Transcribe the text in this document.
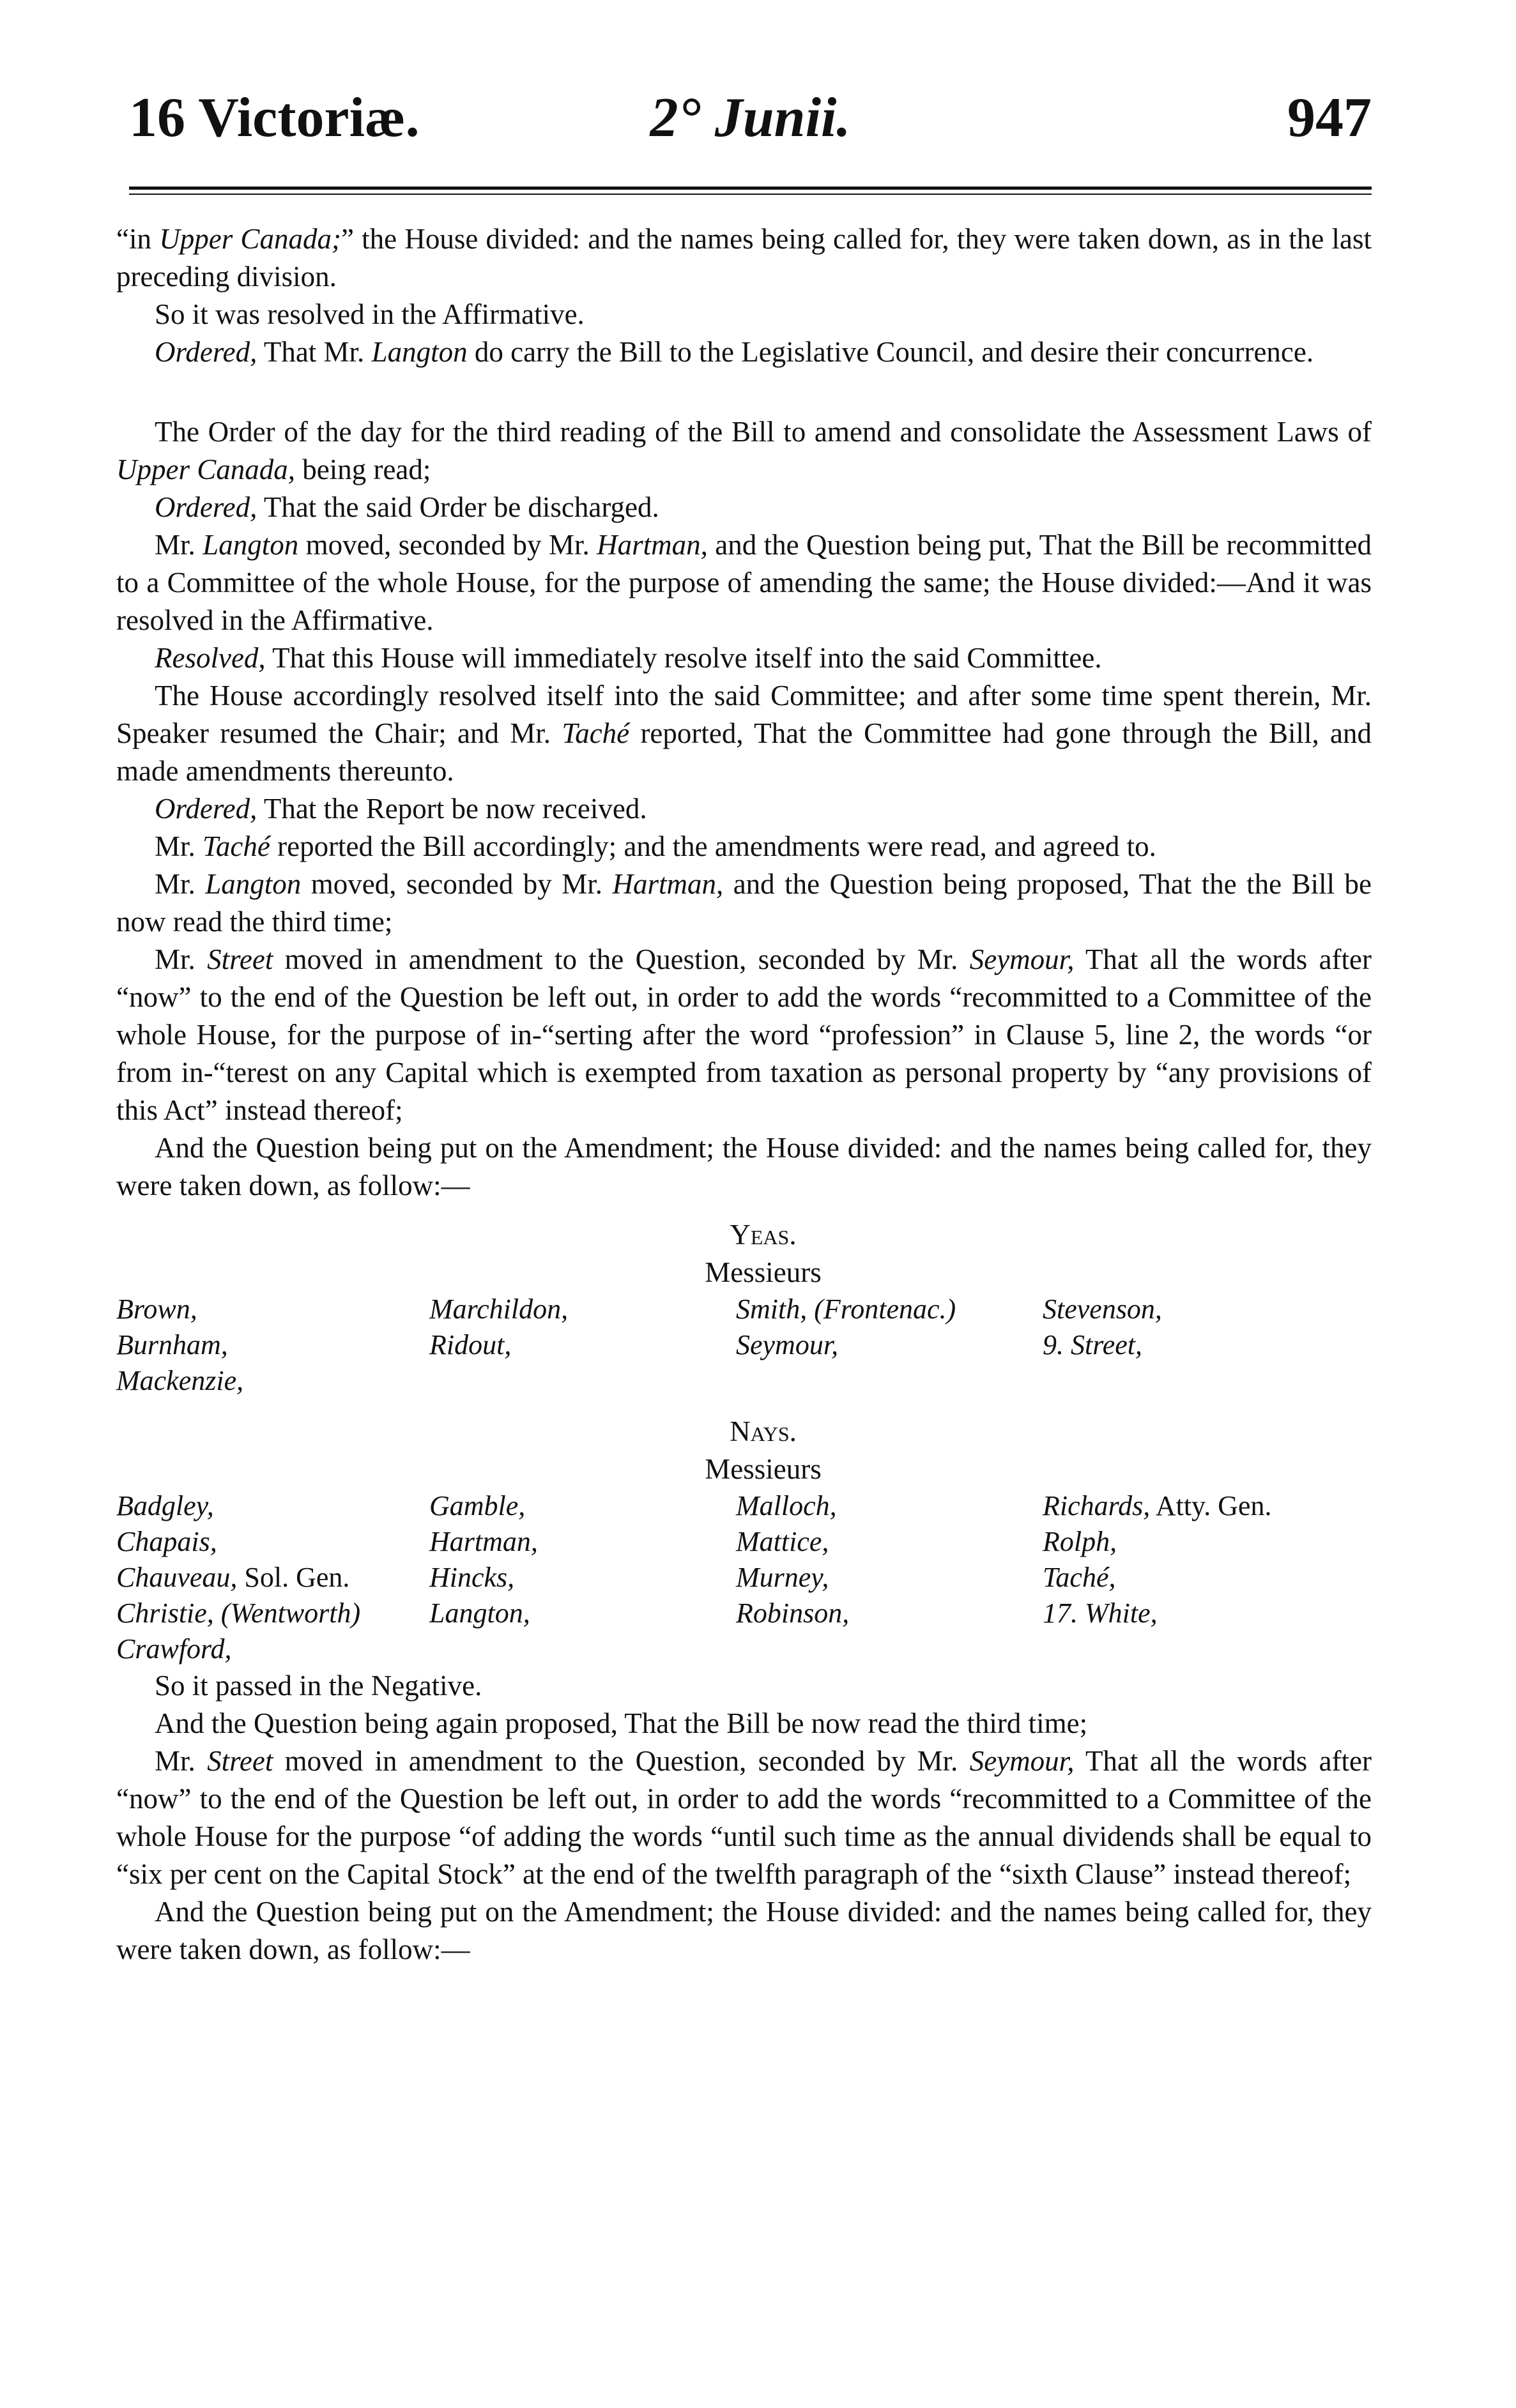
16 Victoriæ.	2° Junii.	947

“in Upper Canada;” the House divided: and the names being called for, they were taken down, as in the last preceding division.

So it was resolved in the Affirmative.

Ordered, That Mr. Langton do carry the Bill to the Legislative Council, and desire their concurrence.

The Order of the day for the third reading of the Bill to amend and consolidate the Assessment Laws of Upper Canada, being read;

Ordered, That the said Order be discharged.

Mr. Langton moved, seconded by Mr. Hartman, and the Question being put, That the Bill be recommitted to a Committee of the whole House, for the purpose of amending the same; the House divided:—And it was resolved in the Affirmative.

Resolved, That this House will immediately resolve itself into the said Committee.

The House accordingly resolved itself into the said Committee; and after some time spent therein, Mr. Speaker resumed the Chair; and Mr. Taché reported, That the Committee had gone through the Bill, and made amendments thereunto.

Ordered, That the Report be now received.

Mr. Taché reported the Bill accordingly; and the amendments were read, and agreed to.

Mr. Langton moved, seconded by Mr. Hartman, and the Question being proposed, That the the Bill be now read the third time;

Mr. Street moved in amendment to the Question, seconded by Mr. Seymour, That all the words after “now” to the end of the Question be left out, in order to add the words “recommitted to a Committee of the whole House, for the purpose of in-“serting after the word “profession” in Clause 5, line 2, the words “or from in-“terest on any Capital which is exempted from taxation as personal property by “any provisions of this Act” instead thereof;

And the Question being put on the Amendment; the House divided: and the names being called for, they were taken down, as follow:—

Yeas.

Messieurs

Brown,	Marchildon,	Smith, (Frontenac.)	Stevenson,
Burnham,	Ridout,	Seymour,	9. Street,
Mackenzie,

Nays.

Messieurs

Badgley,	Gamble,	Malloch,	Richards, Atty. Gen.
Chapais,	Hartman,	Mattice,	Rolph,
Chauveau, Sol. Gen.	Hincks,	Murney,	Taché,
Christie, (Wentworth)	Langton,	Robinson,	17. White,
Crawford,

So it passed in the Negative.

And the Question being again proposed, That the Bill be now read the third time;

Mr. Street moved in amendment to the Question, seconded by Mr. Seymour, That all the words after “now” to the end of the Question be left out, in order to add the words “recommitted to a Committee of the whole House for the purpose “of adding the words “until such time as the annual dividends shall be equal to “six per cent on the Capital Stock” at the end of the twelfth paragraph of the “sixth Clause” instead thereof;

And the Question being put on the Amendment; the House divided: and the names being called for, they were taken down, as follow:—
